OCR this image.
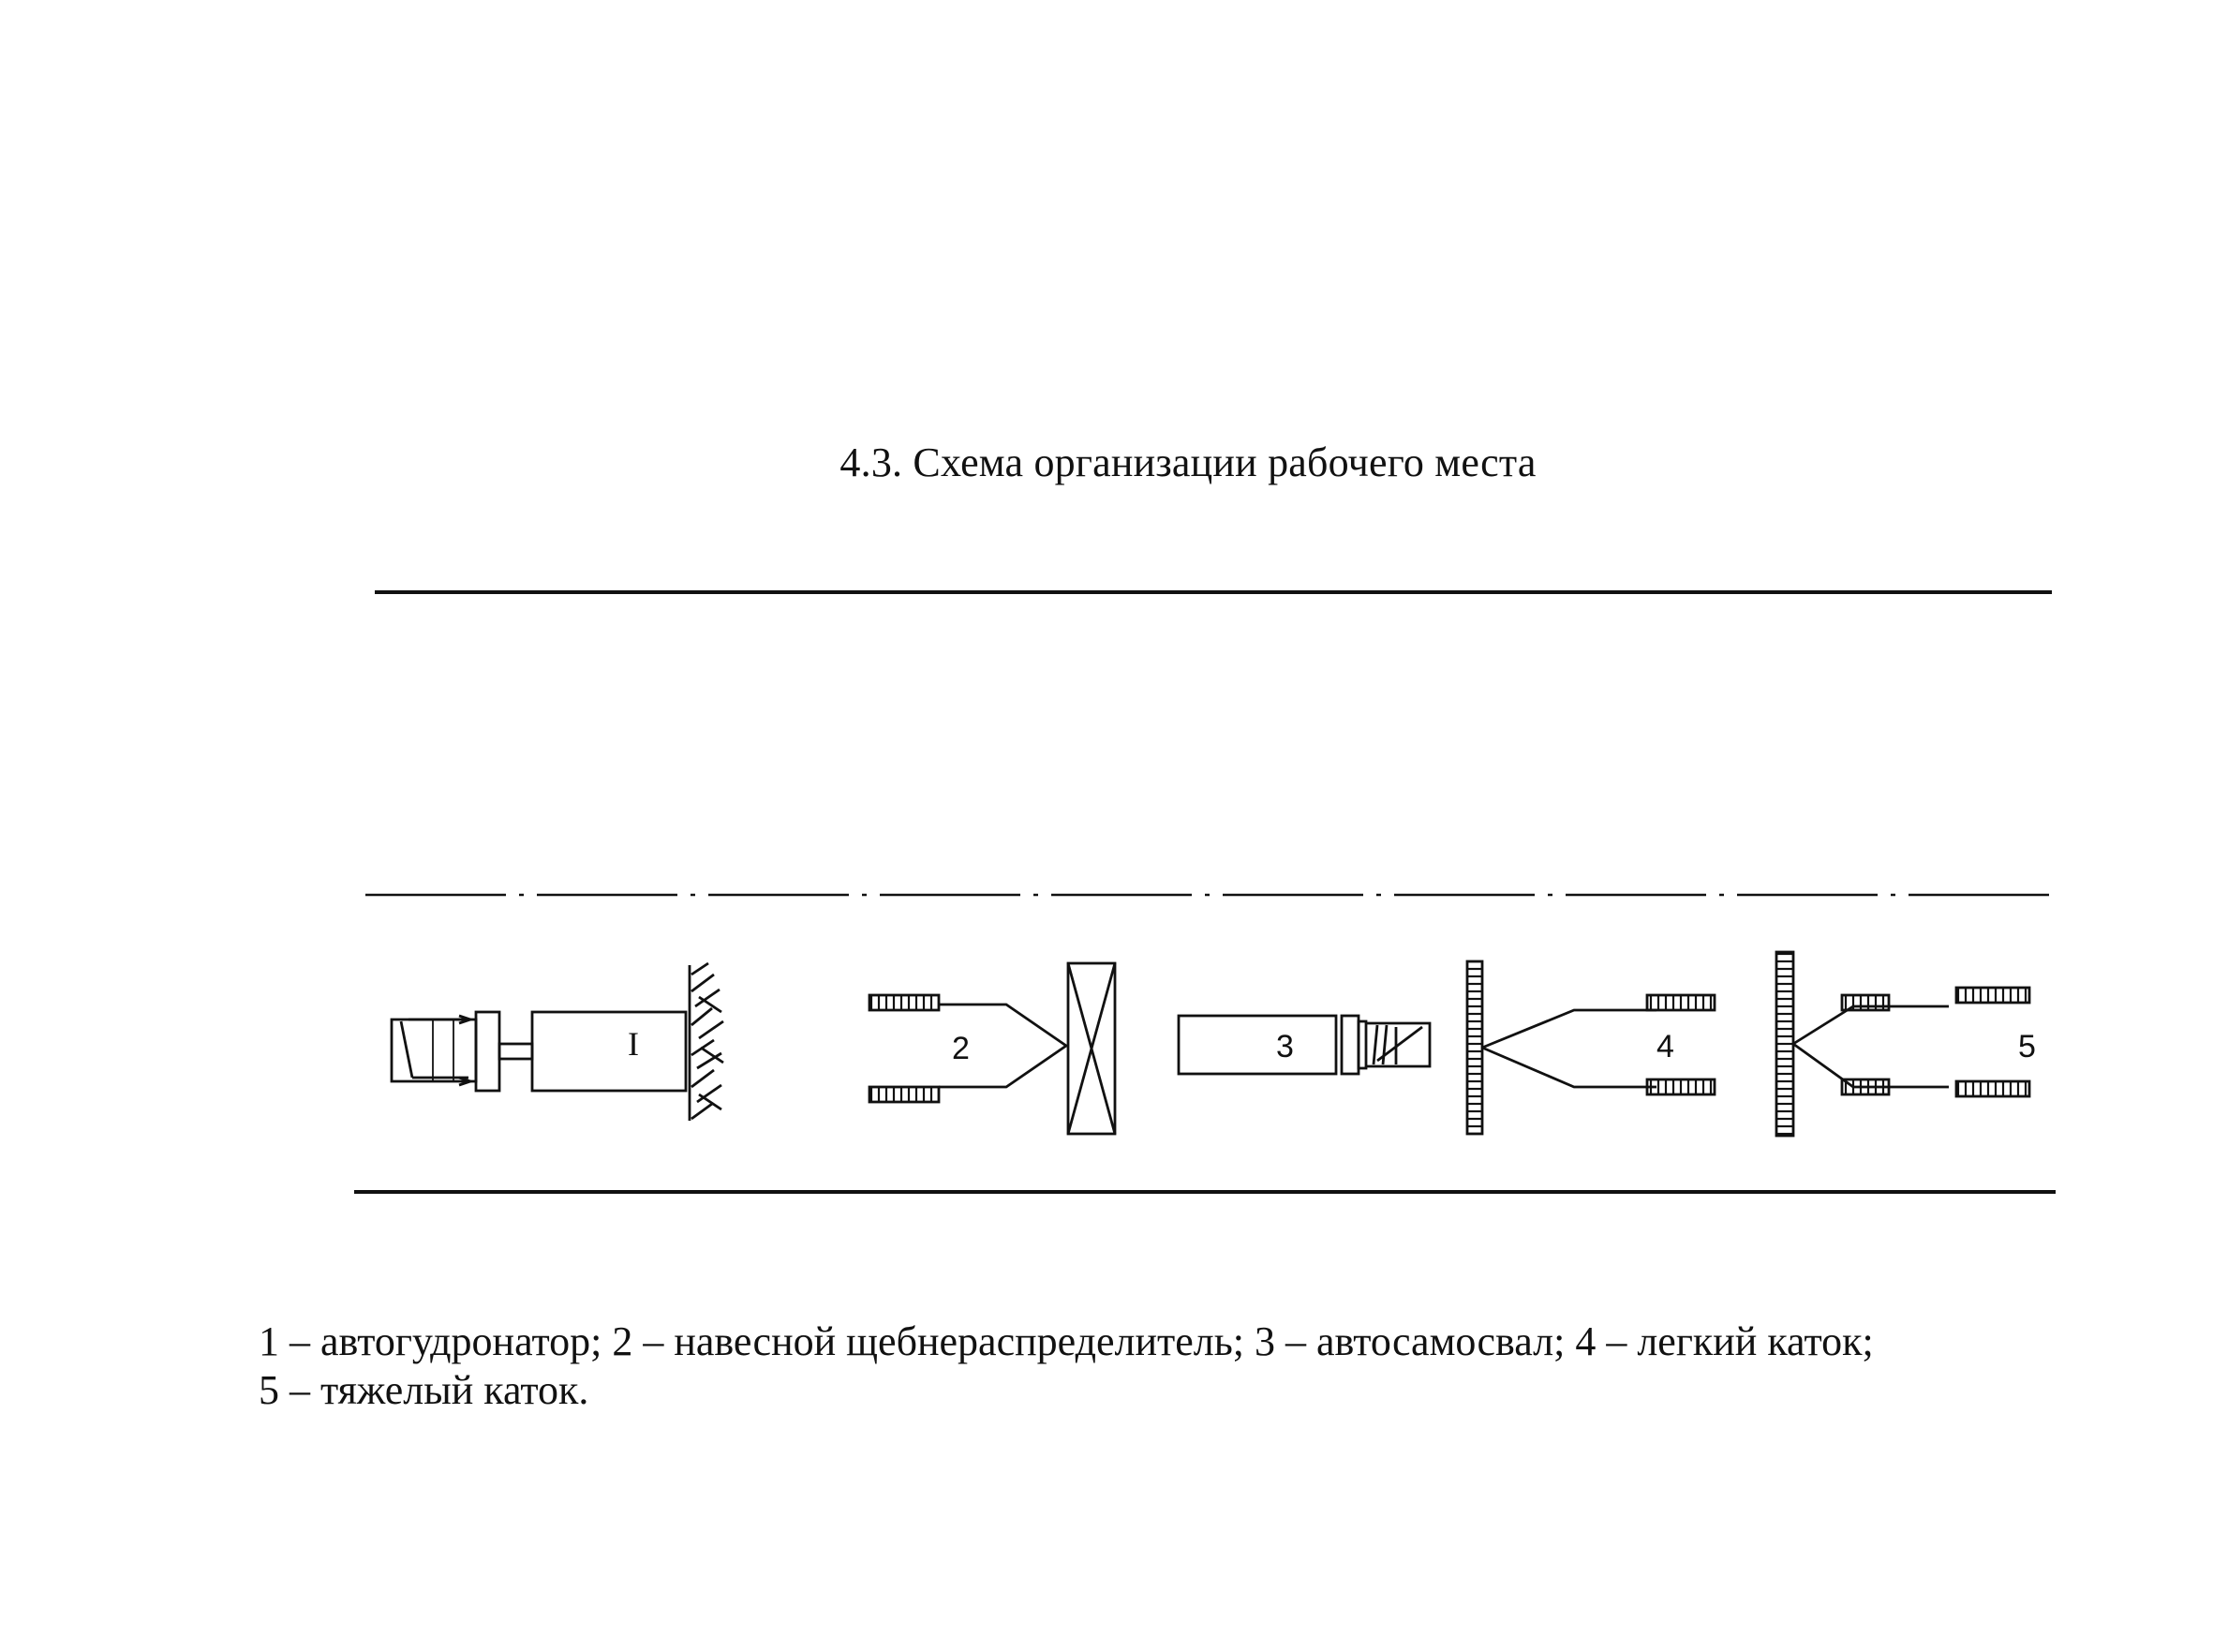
4.3. Схема организации рабочего места
I	2	3	4	5
1 – автогудронатор; 2 – навесной щебнераспределитель; 3 – автосамосвал; 4 – легкий каток;
5 – тяжелый каток.
